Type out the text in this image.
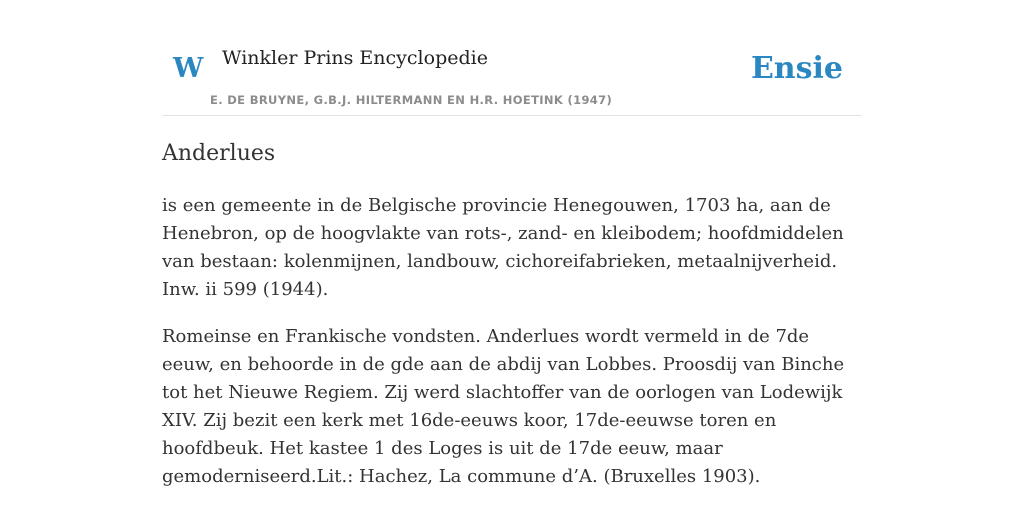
W Winkler Prins Encyclopedie
E. DE BRUYNE, G.B.J. HILTERMANN EN H.R. HOETINK (1947)
Ensie
Anderlues

is een gemeente in de Belgische provincie Henegouwen, 1703 ha, aan de Henebron, op de hoogvlakte van rots-, zand- en kleibodem; hoofdmiddelen van bestaan: kolenmijnen, landbouw, cichoreifabrieken, metaalnijverheid. Inw. ii 599 (1944).

Romeinse en Frankische vondsten. Anderlues wordt vermeld in de 7de eeuw, en behoorde in de gde aan de abdij van Lobbes. Proosdij van Binche tot het Nieuwe Regiem. Zij werd slachtoffer van de oorlogen van Lodewijk XIV. Zij bezit een kerk met 16de-eeuws koor, 17de-eeuwse toren en hoofdbeuk. Het kastee 1 des Loges is uit de 17de eeuw, maar gemoderniseerd.Lit.: Hachez, La commune d’A. (Bruxelles 1903).
